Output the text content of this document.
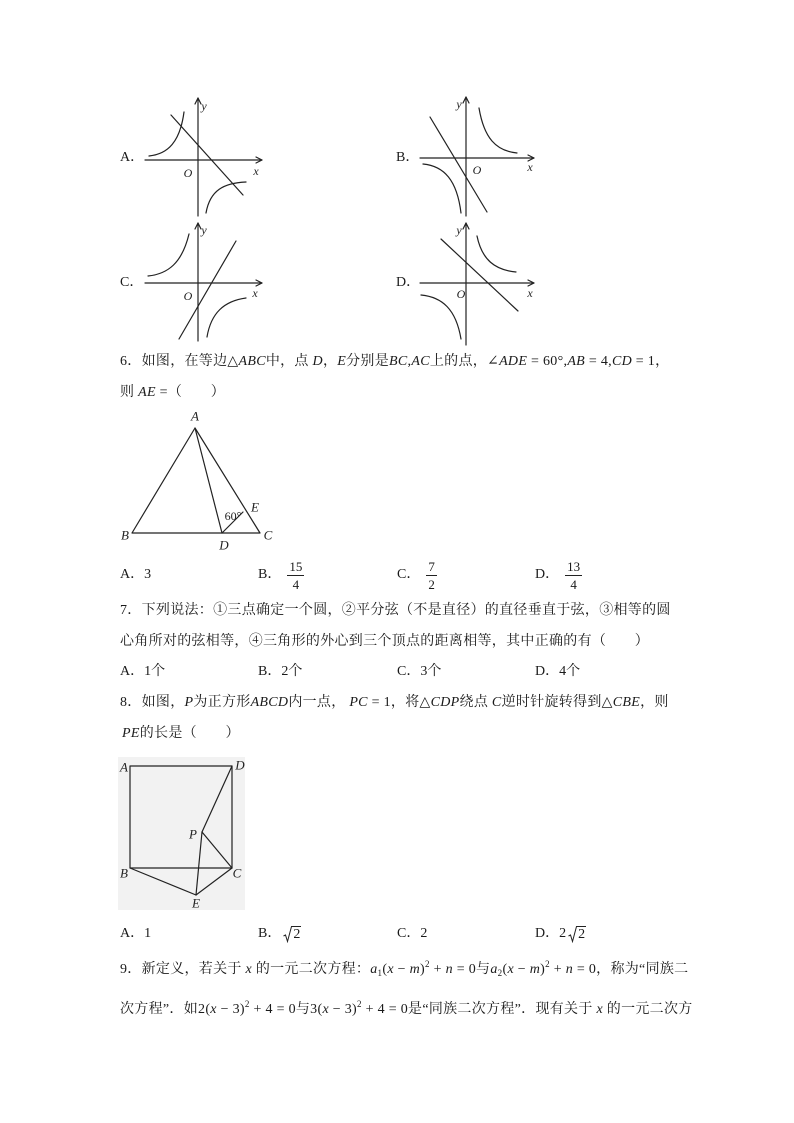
A．
y
O	x
B．
y
O	x
C．
y
O	x
D．
y
O	x
6．如图，在等边△ABC中，点 D，E分别是BC,AC上的点，∠ADE = 60°,AB = 4,CD = 1，
则 AE =（　　）
A
B	C
D
E
60°
A． 3	B． $\frac{15}{4}$	C． $\frac{7}{2}$	D． $\frac{13}{4}$
7．下列说法：①三点确定一个圆，②平分弦（不是直径）的直径垂直于弦，③相等的圆
心角所对的弦相等，④三角形的外心到三个顶点的距离相等，其中正确的有（　　）
A． 1个	B． 2个	C． 3个	D． 4个
8．如图，P为正方形ABCD内一点， PC = 1，将△CDP绕点 C逆时针旋转得到△CBE，则
PE的长是（　　）
A	D
P
B	C
E
A． 1	B． 2	C． 2	D． 2 2
9．新定义，若关于 x 的一元二次方程：$a_1(x - m)^2 + n = 0$与$a_2(x - m)^2 + n = 0$，称为“同族二
次方程”．如$2(x - 3)^2 + 4 = 0$与$3(x - 3)^2 + 4 = 0$是“同族二次方程”．现有关于 x 的一元二次方
